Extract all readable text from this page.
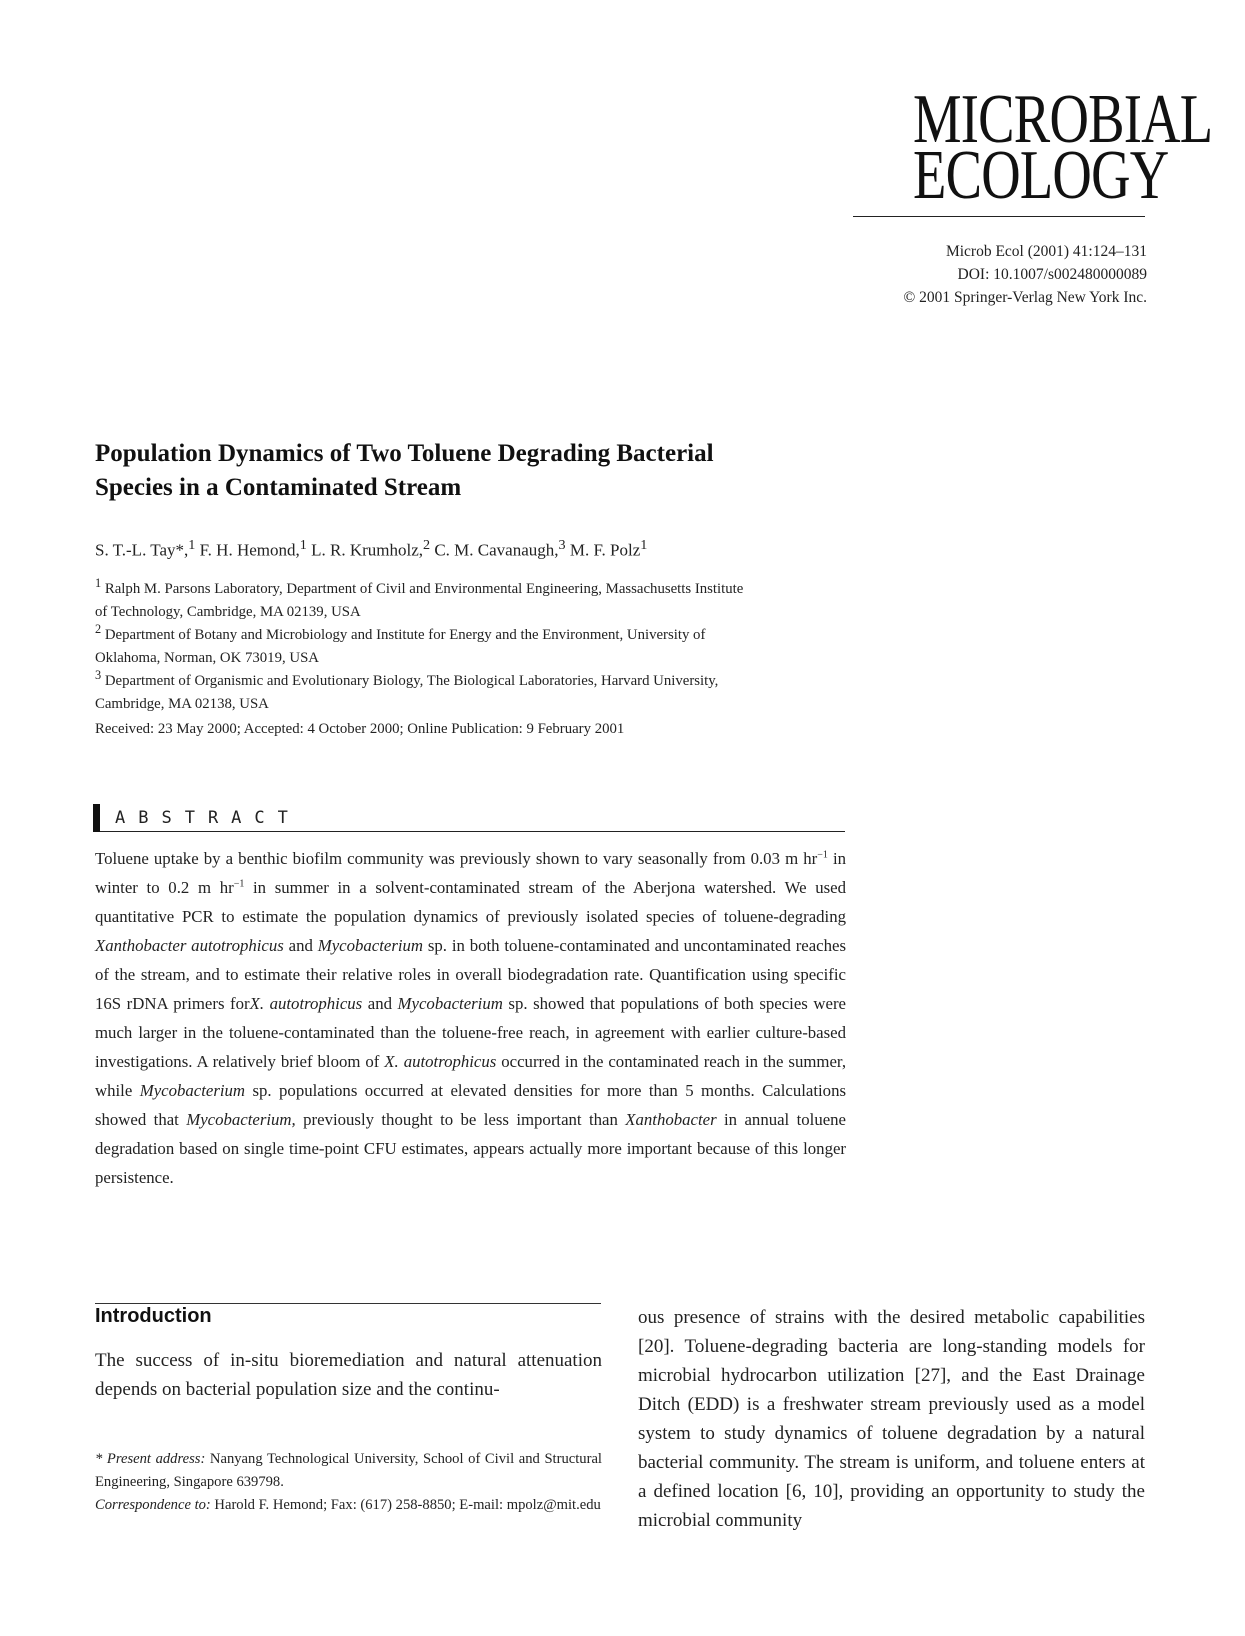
MICROBIAL
ECOLOGY
Microb Ecol (2001) 41:124–131
DOI: 10.1007/s002480000089
© 2001 Springer-Verlag New York Inc.
Population Dynamics of Two Toluene Degrading Bacterial
Species in a Contaminated Stream
S. T.-L. Tay*,$^1$ F. H. Hemond,$^1$ L. R. Krumholz,$^2$ C. M. Cavanaugh,$^3$ M. F. Polz$^1$
$^1$ Ralph M. Parsons Laboratory, Department of Civil and Environmental Engineering, Massachusetts Institute
of Technology, Cambridge, MA 02139, USA
$^2$ Department of Botany and Microbiology and Institute for Energy and the Environment, University of
Oklahoma, Norman, OK 73019, USA
$^3$ Department of Organismic and Evolutionary Biology, The Biological Laboratories, Harvard University,
Cambridge, MA 02138, USA
Received: 23 May 2000; Accepted: 4 October 2000; Online Publication: 9 February 2001
ABSTRACT
Toluene uptake by a benthic biofilm community was previously shown to vary seasonally from 0.03 m $hr^{-1}$ in winter to 0.2 m $hr^{-1}$ in summer in a solvent-contaminated stream of the Aberjona watershed. We used quantitative PCR to estimate the population dynamics of previously isolated species of toluene-degrading Xanthobacter autotrophicus and Mycobacterium sp. in both toluene-contaminated and uncontaminated reaches of the stream, and to estimate their relative roles in overall biodegradation rate. Quantification using specific 16S rDNA primers forX. autotrophicus and Mycobacterium sp. showed that populations of both species were much larger in the toluene-contaminated than the toluene-free reach, in agreement with earlier culture-based investigations. A relatively brief bloom of X. autotrophicus occurred in the contaminated reach in the summer, while Mycobacterium sp. populations occurred at elevated densities for more than 5 months. Calculations showed that Mycobacterium, previously thought to be less important than Xanthobacter in annual toluene degradation based on single time-point CFU estimates, appears actually more important because of this longer persistence.
Introduction
The success of in-situ bioremediation and natural attenuation depends on bacterial population size and the continu-
* Present address: Nanyang Technological University, School of Civil and Structural Engineering, Singapore 639798.
Correspondence to: Harold F. Hemond; Fax: (617) 258-8850; E-mail: mpolz@mit.edu
ous presence of strains with the desired metabolic capabilities [20]. Toluene-degrading bacteria are long-standing models for microbial hydrocarbon utilization [27], and the East Drainage Ditch (EDD) is a freshwater stream previously used as a model system to study dynamics of toluene degradation by a natural bacterial community. The stream is uniform, and toluene enters at a defined location [6, 10], providing an opportunity to study the microbial community
